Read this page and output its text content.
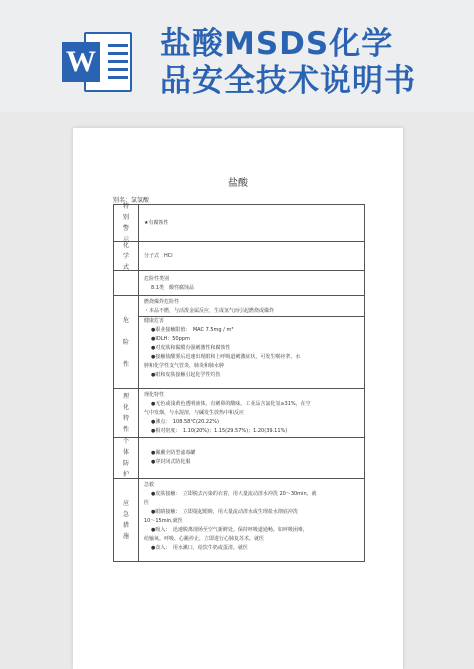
W 盐酸MSDS化学
品安全技术说明书
盐酸
别名：氯氢酸
特
别
警
示
★有腐蚀性
化
学
式
分子式　HCl
危险性类别
8.1类　酸性腐蚀品
危

险

性
燃烧爆炸危险性
・本品不燃，与活泼金属反应，生成氢气而引起燃烧或爆炸
健康危害
●职业接触限值：　MAC 7.5mg / m³
●IDLH：50ppm
●对皮肤和黏膜有强刺激性和腐蚀性
●接触盐酸雾后迅速出现眼和上呼吸道刺激症状，可发生喉痉挛、水
肿和化学性支气管炎、肺炎和肺水肿
●眼和皮肤接触引起化学性灼伤
理
化
特
性
理化特性
●无色或浅黄色透明液体，有刺鼻的酸味。工业品含氯化氢≥31%，在空
气中发烟，与水混溶，与碱发生放热中和反应
●沸点：　108.58℃(20.22%)
●相对密度：　1.10(20%)；1.15(29.57%)；1.20(39.11%)
个
体
防
护
●佩戴全防型滤毒罐
●穿封闭式防化服
应
急
措
施
急救
●皮肤接触：　立即脱去污染的衣着，用大量流动清水冲洗 20～30min，就
医
●眼睛接触：　立即提起眼睑，用大量流动清水或生理盐水彻底冲洗
10～15min,就医
●吸入：　迅速脱离现场至空气新鲜处。保持呼吸道通畅。如呼吸困难，
给输氧。呼吸、心跳停止，立即进行心肺复苏术。就医
●食入：　用水漱口，给饮牛奶或蛋清。就医
